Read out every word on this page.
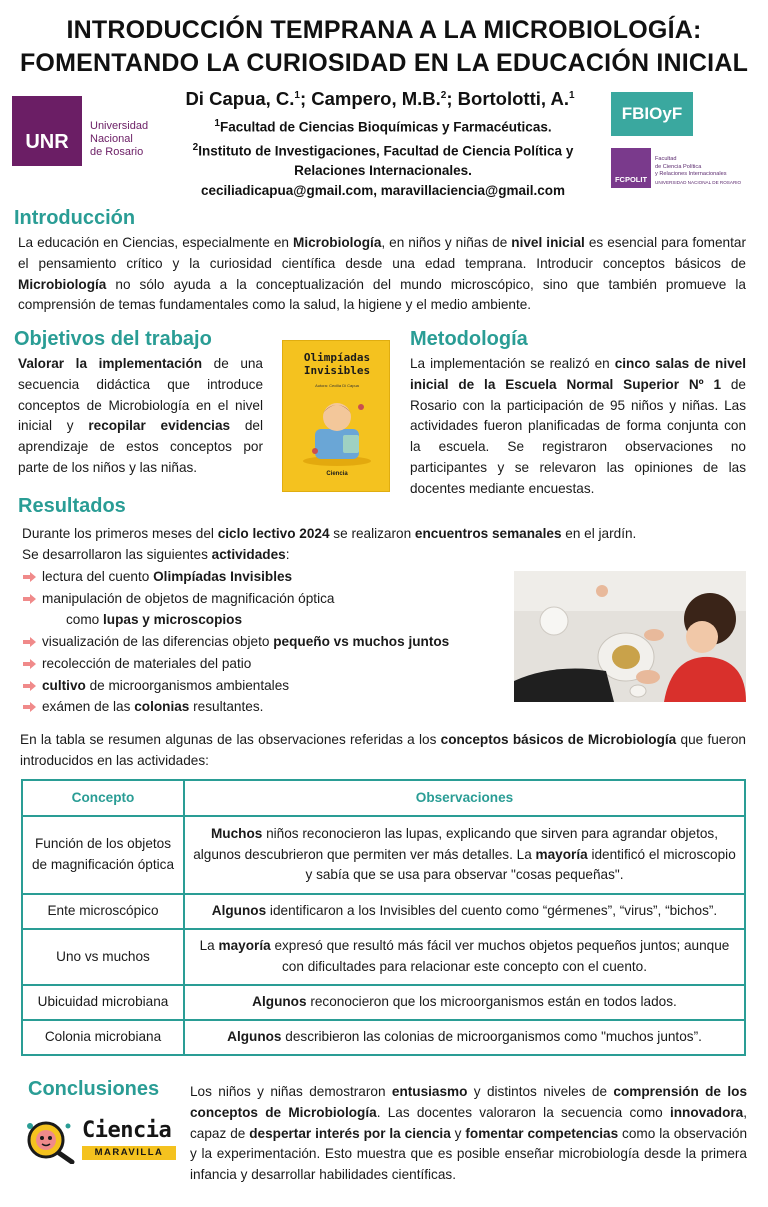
INTRODUCCIÓN TEMPRANA A LA MICROBIOLOGÍA:
FOMENTANDO LA CURIOSIDAD EN LA EDUCACIÓN INICIAL
Di Capua, C.$^1$; Campero, M.B.$^2$; Bortolotti, A.$^1$
$^1$Facultad de Ciencias Bioquímicas y Farmacéuticas.
$^2$Instituto de Investigaciones, Facultad de Ciencia Política y Relaciones Internacionales.
ceciliadicapua@gmail.com, maravillaciencia@gmail.com
UNR
Universidad
Nacional
de Rosario
FBIOyF
FCPOLIT
Facultad
de Ciencia Política
y Relaciones Internacionales
UNIVERSIDAD NACIONAL DE ROSARIO
Introducción
La educación en Ciencias, especialmente en Microbiología, en niños y niñas de nivel inicial es esencial para fomentar el pensamiento crítico y la curiosidad científica desde una edad temprana. Introducir conceptos básicos de Microbiología no sólo ayuda a la conceptualización del mundo microscópico, sino que también promueve la comprensión de temas fundamentales como la salud, la higiene y el medio ambiente.
Objetivos del trabajo
Valorar la implementación de una secuencia didáctica que introduce conceptos de Microbiología en el nivel inicial y recopilar evidencias del aprendizaje de estos conceptos por parte de los niños y las niñas.
Olimpíadas
Invisibles
Autora: Cecilia Di Capua
Ciencia
Metodología
La implementación se realizó en cinco salas de nivel inicial de la Escuela Normal Superior Nº 1 de Rosario con la participación de 95 niños y niñas. Las actividades fueron planificadas de forma conjunta con la escuela. Se registraron observaciones no participantes y se relevaron las opiniones de las docentes mediante encuestas.
Resultados
Durante los primeros meses del ciclo lectivo 2024 se realizaron encuentros semanales en el jardín.
Se desarrollaron las siguientes actividades:
lectura del cuento Olimpíadas Invisibles
manipulación de objetos de magnificación óptica
como lupas y microscopios
visualización de las diferencias objeto pequeño vs muchos juntos
recolección de materiales del patio
cultivo de microorganismos ambientales
exámen de las colonias resultantes.
En la tabla se resumen algunas de las observaciones referidas a los conceptos básicos de Microbiología que fueron introducidos en las actividades:
Concepto	Observaciones
Función de los objetos de magnificación óptica	Muchos niños reconocieron las lupas, explicando que sirven para agrandar objetos, algunos descubrieron que permiten ver más detalles. La mayoría identificó el microscopio y sabía que se usa para observar "cosas pequeñas".
Ente microscópico	Algunos identificaron a los Invisibles del cuento como “gérmenes”, “virus”, “bichos”.
Uno vs muchos	La mayoría expresó que resultó más fácil ver muchos objetos pequeños juntos; aunque con dificultades para relacionar este concepto con el cuento.
Ubicuidad microbiana	Algunos reconocieron que los microorganismos están en todos lados.
Colonia microbiana	Algunos describieron las colonias de microorganismos como "muchos juntos”.
Conclusiones
Ciencia
MARAVILLA
Los niños y niñas demostraron entusiasmo y distintos niveles de comprensión de los conceptos de Microbiología. Las docentes valoraron la secuencia como innovadora, capaz de despertar interés por la ciencia y fomentar competencias como la observación y la experimentación. Esto muestra que es posible enseñar microbiología desde la primera infancia y desarrollar habilidades científicas.
